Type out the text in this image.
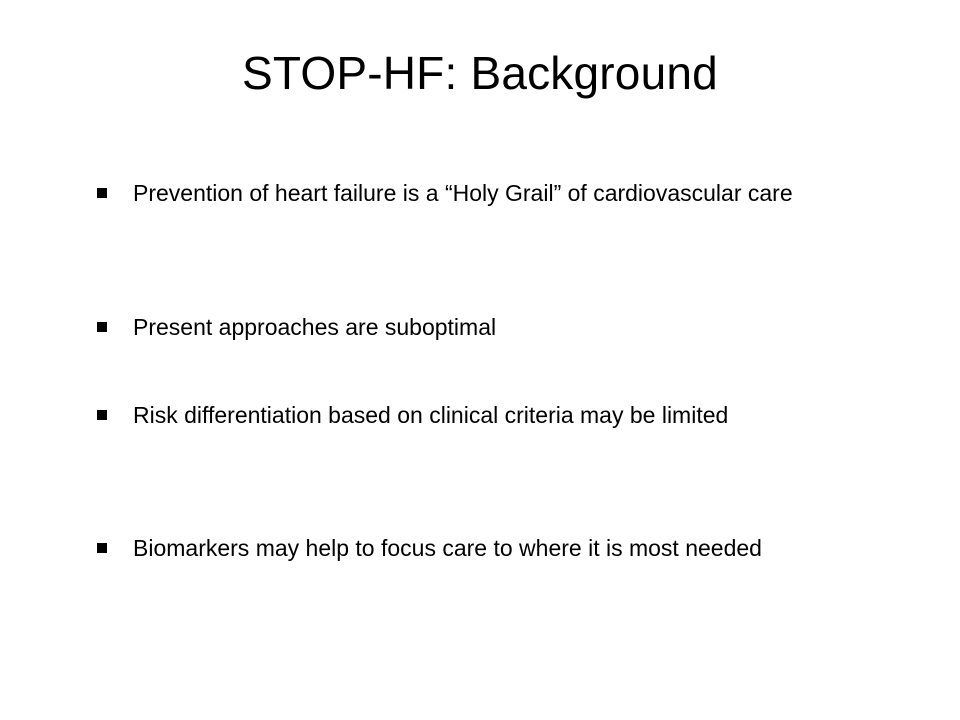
STOP-HF: Background
Prevention of heart failure is a “Holy Grail” of cardiovascular care
Present approaches are suboptimal
Risk differentiation based on clinical criteria may be limited
Biomarkers may help to focus care to where it is most needed
